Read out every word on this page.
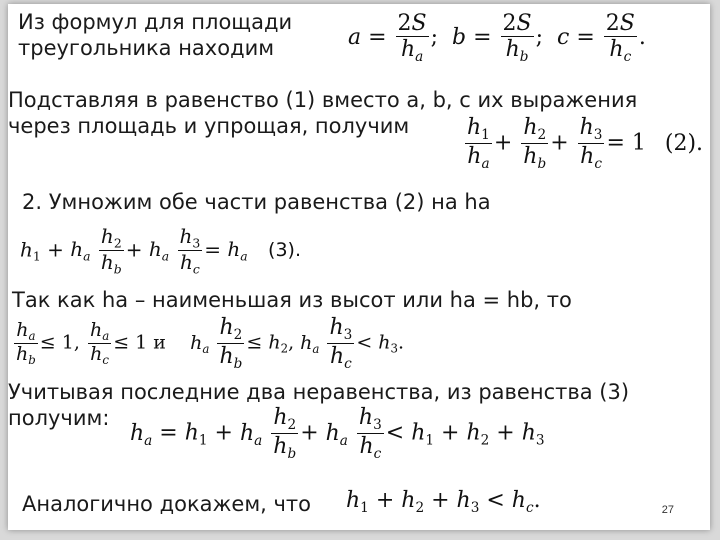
Из формул для площади
треугольника находим	$a = \frac{2S}{h_a}$ ;  $b = \frac{2S}{h_b}$ ;  $c = \frac{2S}{h_c}$ .
Подставляя в равенство (1) вместо a, b, c их выражения
через площадь и упрощая, получим	$\frac{h_1}{h_a} + \frac{h_2}{h_b} + \frac{h_3}{h_c} = 1$ (2).
2. Умножим обе части равенства (2) на hа
$h_1 + h_a \frac{h_2}{h_b} + h_a \frac{h_3}{h_c} = h_a$ (3).
Так как hа – наименьшая из высот или hа = hb, то
$\frac{h_a}{h_b} \le 1$, $\frac{h_a}{h_c} \le 1$ и    $h_a \frac{h_2}{h_b} \le h_2$, $h_a \frac{h_3}{h_c} < h_3$.
Учитывая последние два неравенства, из равенства (3)
получим:
$h_a = h_1 + h_a \frac{h_2}{h_b} + h_a \frac{h_3}{h_c} < h_1 + h_2 + h_3$
Аналогично докажем, что $h_1 + h_2 + h_3 < h_c$.	27
